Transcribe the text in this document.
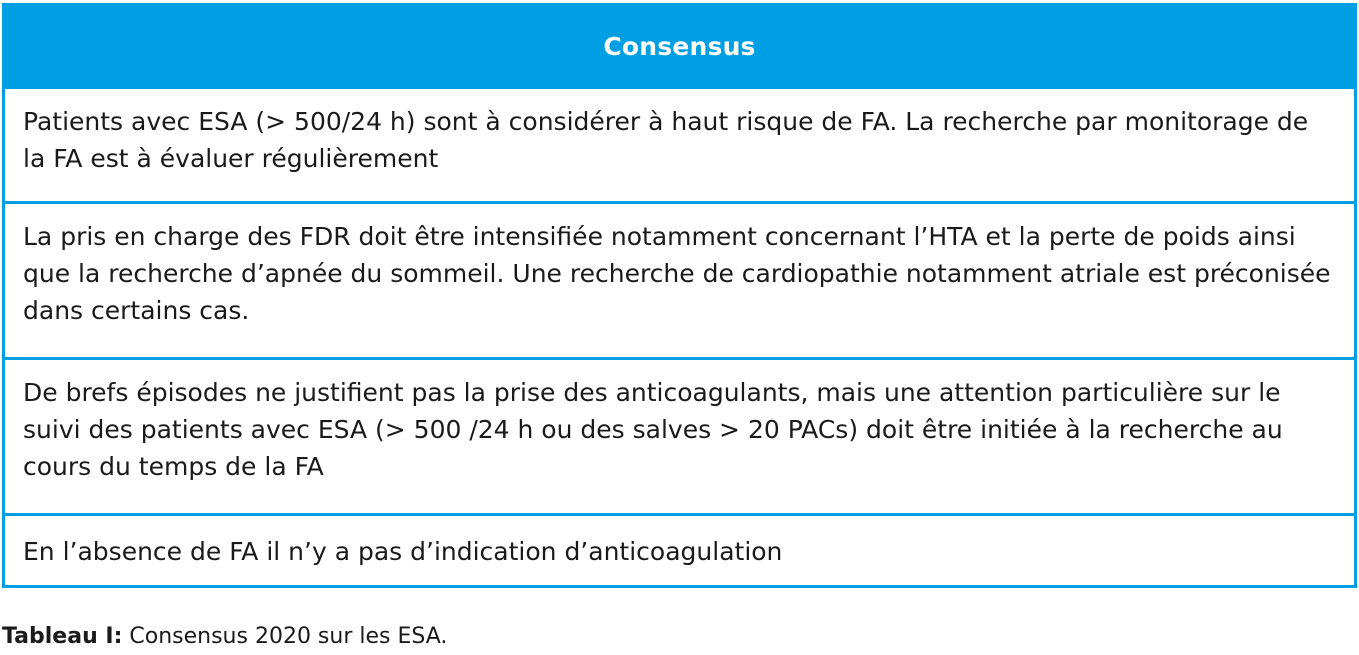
Consensus
Patients avec ESA (> 500/24 h) sont à considérer à haut risque de FA. La recherche par monitorage de la FA est à évaluer régulièrement
La pris en charge des FDR doit être intensifiée notamment concernant l’HTA et la perte de poids ainsi que la recherche d’apnée du sommeil. Une recherche de cardiopathie notamment atriale est préconisée dans certains cas.
De brefs épisodes ne justifient pas la prise des anticoagulants, mais une attention particulière sur le suivi des patients avec ESA (> 500 /24 h ou des salves > 20 PACs) doit être initiée à la recherche au cours du temps de la FA
En l’absence de FA il n’y a pas d’indication d’anticoagulation
Tableau I: Consensus 2020 sur les ESA.
